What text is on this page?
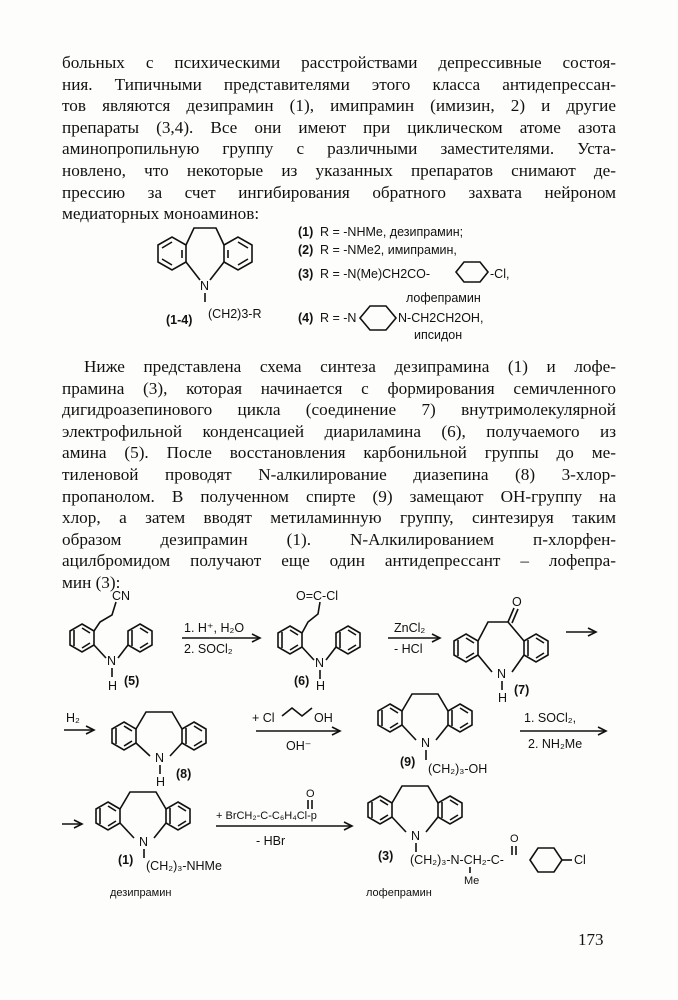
больных с психическими расстройствами депрессивные состоя-
ния. Типичными представителями этого класса антидепрессан-
тов являются дезипрамин (1), имипрамин (имизин, 2) и другие
препараты (3,4). Все они имеют при циклическом атоме азота
аминопропильную группу с различными заместителями. Уста-
новлено, что некоторые из указанных препаратов снимают де-
прессию за счет ингибирования обратного захвата нейроном
медиаторных моноаминов:
N
(1-4) (CH2)3-R
(1) R = -NHMe, дезипрамин;
(2) R = -NMe2, имипрамин,
(3) R = -N(Me)CH2CO-	-Cl,
лофепрамин
(4) R = -N	N-CH2CH2OH,
ипсидон
Ниже представлена схема синтеза дезипрамина (1) и лофе-
прамина (3), которая начинается с формирования семичленного
дигидроазепинового цикла (соединение 7) внутримолекулярной
электрофильной конденсацией диариламина (6), получаемого из
амина (5). После восстановления карбонильной группы до ме-
тиленовой проводят N-алкилирование диазепина (8) 3-хлор-
пропанолом. В полученном спирте (9) замещают OH-группу на
хлор, а затем вводят метиламинную группу, синтезируя таким
образом дезипрамин (1). N-Алкилированием п-хлорфен-
ацилбромидом получают еще один антидепрессант – лофепра-
мин (3):
CN
N
H (5)
1. H⁺, H₂O
2. SOCl₂
O=C-Cl
N
(6) H
ZnCl₂
- HCl
O
N
H
(7)
H₂
N
H
(8)
+ Cl	OH
OH⁻	N
(9) (CH₂)₃-OH
1. SOCl₂,
2. NH₂Me
N
(1) (CH₂)₃-NHMe
дезипрамин
O
+ BrCH₂-C-C₆H₄Cl-p
- HBr	N
(3) (CH₂)₃-N-CH₂-C-
O
Me
Cl
лофепрамин
173
